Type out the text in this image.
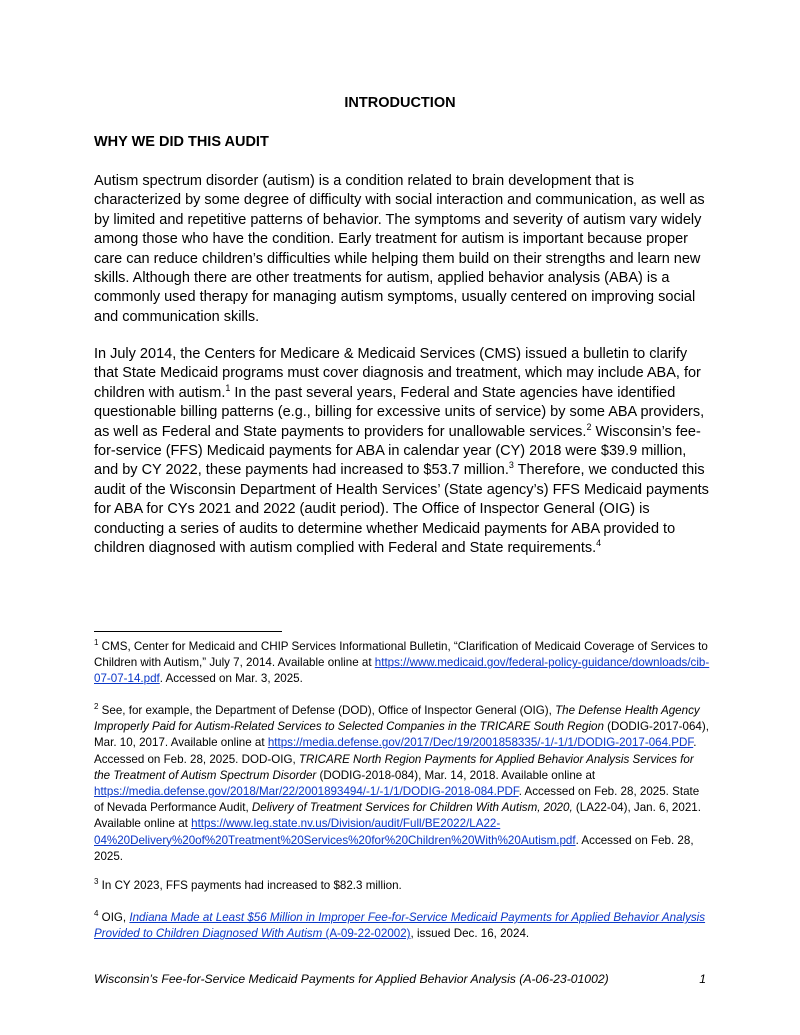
INTRODUCTION
WHY WE DID THIS AUDIT

Autism spectrum disorder (autism) is a condition related to brain development that is characterized by some degree of difficulty with social interaction and communication, as well as by limited and repetitive patterns of behavior. The symptoms and severity of autism vary widely among those who have the condition. Early treatment for autism is important because proper care can reduce children’s difficulties while helping them build on their strengths and learn new skills. Although there are other treatments for autism, applied behavior analysis (ABA) is a commonly used therapy for managing autism symptoms, usually centered on improving social and communication skills.

In July 2014, the Centers for Medicare & Medicaid Services (CMS) issued a bulletin to clarify that State Medicaid programs must cover diagnosis and treatment, which may include ABA, for children with autism.$^1$ In the past several years, Federal and State agencies have identified questionable billing patterns (e.g., billing for excessive units of service) by some ABA providers, as well as Federal and State payments to providers for unallowable services.$^2$ Wisconsin’s fee-for-service (FFS) Medicaid payments for ABA in calendar year (CY) 2018 were $39.9 million, and by CY 2022, these payments had increased to $53.7 million.$^3$ Therefore, we conducted this audit of the Wisconsin Department of Health Services’ (State agency’s) FFS Medicaid payments for ABA for CYs 2021 and 2022 (audit period). The Office of Inspector General (OIG) is conducting a series of audits to determine whether Medicaid payments for ABA provided to children diagnosed with autism complied with Federal and State requirements.$^4$

$^1$ CMS, Center for Medicaid and CHIP Services Informational Bulletin, “Clarification of Medicaid Coverage of Services to Children with Autism,” July 7, 2014. Available online at https://www.medicaid.gov/federal-policy-guidance/downloads/cib-07-07-14.pdf. Accessed on Mar. 3, 2025.

$^2$ See, for example, the Department of Defense (DOD), Office of Inspector General (OIG), The Defense Health Agency Improperly Paid for Autism-Related Services to Selected Companies in the TRICARE South Region (DODIG-2017-064), Mar. 10, 2017. Available online at https://media.defense.gov/2017/Dec/19/2001858335/-1/-1/1/DODIG-2017-064.PDF. Accessed on Feb. 28, 2025. DOD-OIG, TRICARE North Region Payments for Applied Behavior Analysis Services for the Treatment of Autism Spectrum Disorder (DODIG-2018-084), Mar. 14, 2018. Available online at https://media.defense.gov/2018/Mar/22/2001893494/-1/-1/1/DODIG-2018-084.PDF. Accessed on Feb. 28, 2025. State of Nevada Performance Audit, Delivery of Treatment Services for Children With Autism, 2020, (LA22-04), Jan. 6, 2021. Available online at https://www.leg.state.nv.us/Division/audit/Full/BE2022/LA22-04%20Delivery%20of%20Treatment%20Services%20for%20Children%20With%20Autism.pdf. Accessed on Feb. 28, 2025.

$^3$ In CY 2023, FFS payments had increased to $82.3 million.

$^4$ OIG, Indiana Made at Least $56 Million in Improper Fee-for-Service Medicaid Payments for Applied Behavior Analysis Provided to Children Diagnosed With Autism (A-09-22-02002), issued Dec. 16, 2024.

Wisconsin’s Fee-for-Service Medicaid Payments for Applied Behavior Analysis (A-06-23-01002)	1
